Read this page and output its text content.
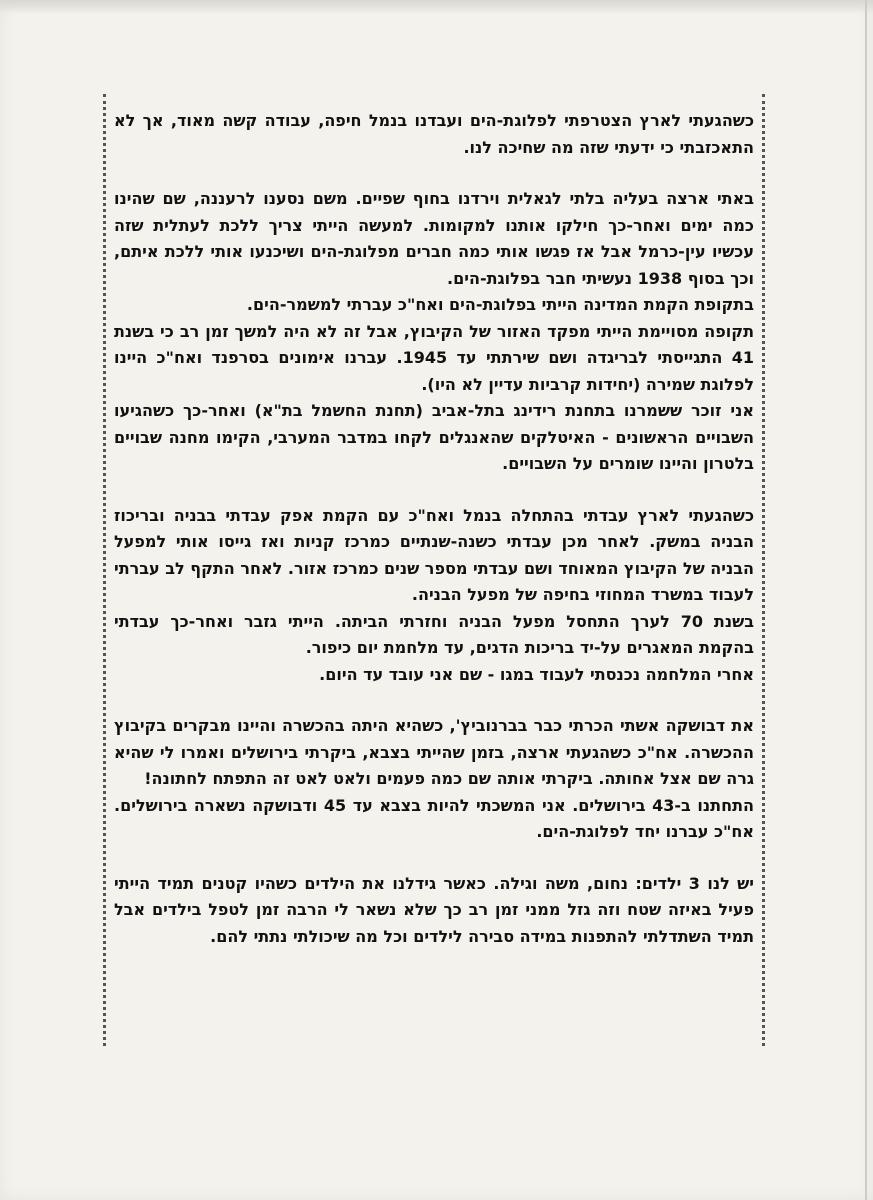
כשהגעתי לארץ הצטרפתי לפלוגת-הים ועבדנו בנמל חיפה, עבודה קשה מאוד, אך לא התאכזבתי כי ידעתי שזה מה שחיכה לנו.

באתי ארצה בעליה בלתי לגאלית וירדנו בחוף שפיים. משם נסענו לרעננה, שם שהינו כמה ימים ואחר-כך חילקו אותנו למקומות. למעשה הייתי צריך ללכת לעתלית שזה עכשיו עין-כרמל אבל אז פגשו אותי כמה חברים מפלוגת-הים ושיכנעו אותי ללכת איתם, וכך בסוף 1938 נעשיתי חבר בפלוגת-הים.

בתקופת הקמת המדינה הייתי בפלוגת-הים ואח"כ עברתי למשמר-הים.

תקופה מסויימת הייתי מפקד האזור של הקיבוץ, אבל זה לא היה למשך זמן רב כי בשנת 41 התגייסתי לבריגדה ושם שירתתי עד 1945. עברנו אימונים בסרפנד ואח"כ היינו לפלוגת שמירה (יחידות קרביות עדיין לא היו).

אני זוכר ששמרנו בתחנת רידינג בתל-אביב (תחנת החשמל בת"א) ואחר-כך כשהגיעו השבויים הראשונים - האיטלקים שהאנגלים לקחו במדבר המערבי, הקימו מחנה שבויים בלטרון והיינו שומרים על השבויים.

כשהגעתי לארץ עבדתי בהתחלה בנמל ואח"כ עם הקמת אפק עבדתי בבניה ובריכוז הבניה במשק. לאחר מכן עבדתי כשנה-שנתיים כמרכז קניות ואז גייסו אותי למפעל הבניה של הקיבוץ המאוחד ושם עבדתי מספר שנים כמרכז אזור. לאחר התקף לב עברתי לעבוד במשרד המחוזי בחיפה של מפעל הבניה.

בשנת 70 לערך התחסל מפעל הבניה וחזרתי הביתה. הייתי גזבר ואחר-כך עבדתי בהקמת המאגרים על-יד בריכות הדגים, עד מלחמת יום כיפור.

אחרי המלחמה נכנסתי לעבוד במגו - שם אני עובד עד היום.

את דבושקה אשתי הכרתי כבר בברנוביץ', כשהיא היתה בהכשרה והיינו מבקרים בקיבוץ ההכשרה. אח"כ כשהגעתי ארצה, בזמן שהייתי בצבא, ביקרתי בירושלים ואמרו לי שהיא גרה שם אצל אחותה. ביקרתי אותה שם כמה פעמים ולאט לאט זה התפתח לחתונה!

התחתנו ב-43 בירושלים. אני המשכתי להיות בצבא עד 45 ודבושקה נשארה בירושלים. אח"כ עברנו יחד לפלוגת-הים.

יש לנו 3 ילדים: נחום, משה וגילה. כאשר גידלנו את הילדים כשהיו קטנים תמיד הייתי פעיל באיזה שטח וזה גזל ממני זמן רב כך שלא נשאר לי הרבה זמן לטפל בילדים אבל תמיד השתדלתי להתפנות במידה סבירה לילדים וכל מה שיכולתי נתתי להם.
